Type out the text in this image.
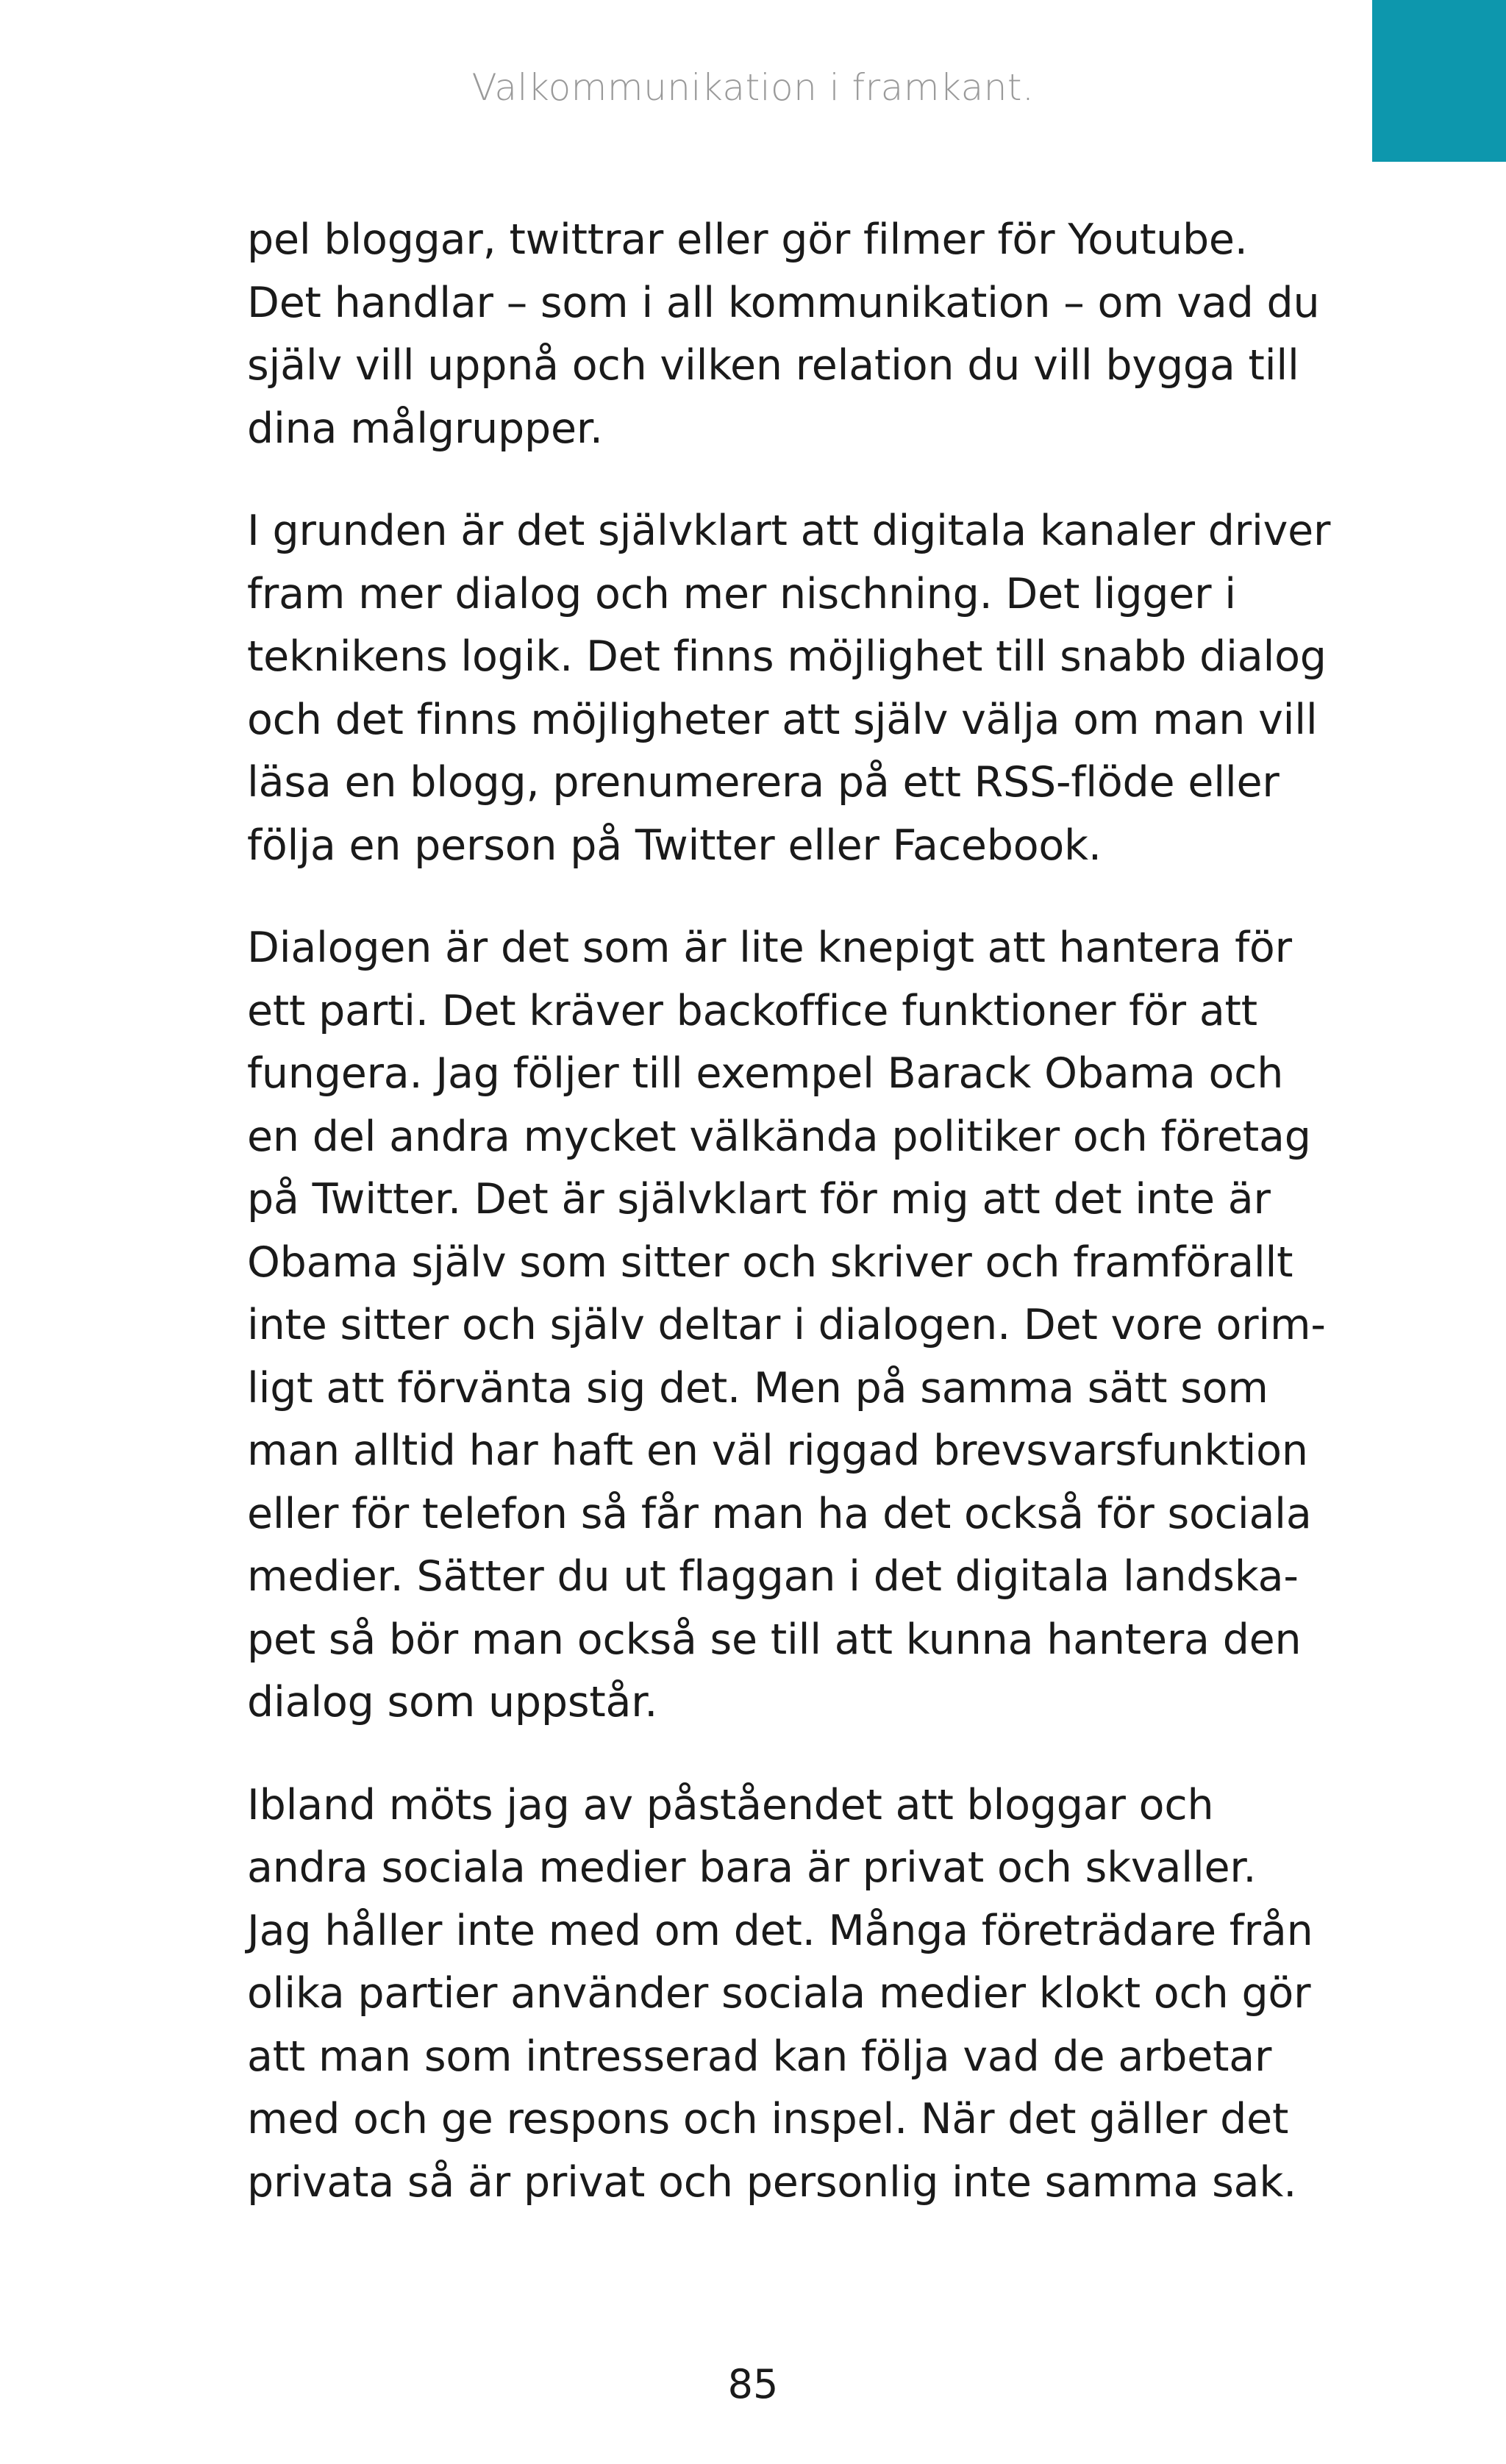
Valkommunikation i framkant.

pel bloggar, twittrar eller gör filmer för Youtube.
Det handlar – som i all kommunikation – om vad du
själv vill uppnå och vilken relation du vill bygga till
dina målgrupper.

I grunden är det självklart att digitala kanaler driver
fram mer dialog och mer nischning. Det ligger i
teknikens logik. Det finns möjlighet till snabb dialog
och det finns möjligheter att själv välja om man vill
läsa en blogg, prenumerera på ett RSS-flöde eller
följa en person på Twitter eller Facebook.

Dialogen är det som är lite knepigt att hantera för
ett parti. Det kräver backoffice funktioner för att
fungera. Jag följer till exempel Barack Obama och
en del andra mycket välkända politiker och företag
på Twitter. Det är självklart för mig att det inte är
Obama själv som sitter och skriver och framförallt
inte sitter och själv deltar i dialogen. Det vore orim-
ligt att förvänta sig det. Men på samma sätt som
man alltid har haft en väl riggad brevsvarsfunktion
eller för telefon så får man ha det också för sociala
medier. Sätter du ut flaggan i det digitala landska-
pet så bör man också se till att kunna hantera den
dialog som uppstår.

Ibland möts jag av påståendet att bloggar och
andra sociala medier bara är privat och skvaller.
Jag håller inte med om det. Många företrädare från
olika partier använder sociala medier klokt och gör
att man som intresserad kan följa vad de arbetar
med och ge respons och inspel. När det gäller det
privata så är privat och personlig inte samma sak.

85
